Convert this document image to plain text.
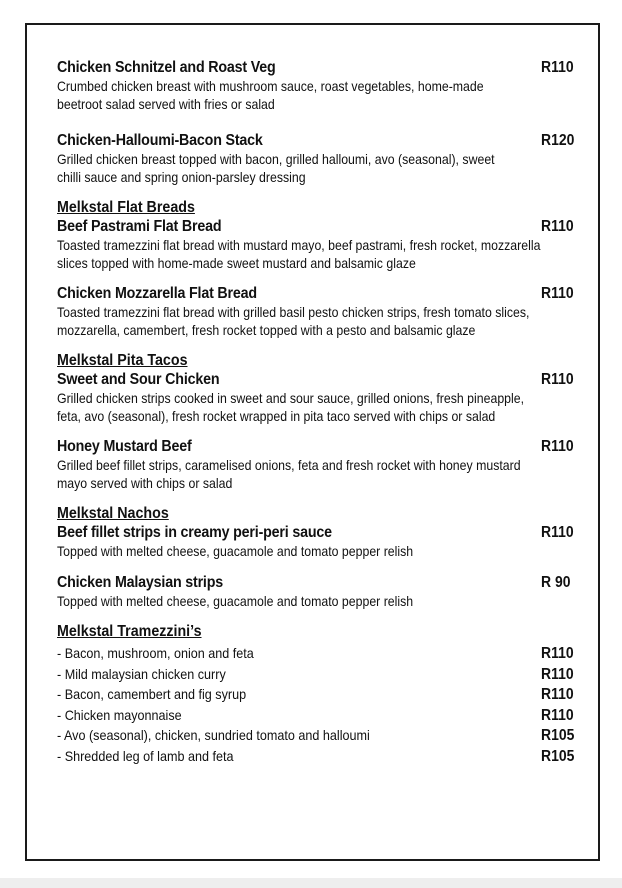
Chicken Schnitzel and Roast Veg	R110
Crumbed chicken breast with mushroom sauce, roast vegetables, home-made beetroot salad served with fries or salad
Chicken-Halloumi-Bacon Stack	R120
Grilled chicken breast topped with bacon, grilled halloumi, avo (seasonal), sweet chilli sauce and spring onion-parsley dressing
Melkstal Flat Breads
Beef Pastrami Flat Bread	R110
Toasted tramezzini flat bread with mustard mayo, beef pastrami, fresh rocket, mozzarella slices topped with home-made sweet mustard and balsamic glaze
Chicken Mozzarella Flat Bread	R110
Toasted tramezzini flat bread with grilled basil pesto chicken strips, fresh tomato slices, mozzarella, camembert, fresh rocket topped with a pesto and balsamic glaze
Melkstal Pita Tacos
Sweet and Sour Chicken	R110
Grilled chicken strips cooked in sweet and sour sauce, grilled onions, fresh pineapple, feta, avo (seasonal), fresh rocket wrapped in pita taco served with chips or salad
Honey Mustard Beef	R110
Grilled beef fillet strips, caramelised onions, feta and fresh rocket with honey mustard mayo served with chips or salad
Melkstal Nachos
Beef fillet strips in creamy peri-peri sauce	R110
Topped with melted cheese, guacamole and tomato pepper relish
Chicken Malaysian strips	R 90
Topped with melted cheese, guacamole and tomato pepper relish
Melkstal Tramezzini’s
- Bacon, mushroom, onion and feta	R110
- Mild malaysian chicken curry	R110
- Bacon, camembert and fig syrup	R110
- Chicken mayonnaise	R110
- Avo (seasonal), chicken, sundried tomato and halloumi	R105
- Shredded leg of lamb and feta	R105
